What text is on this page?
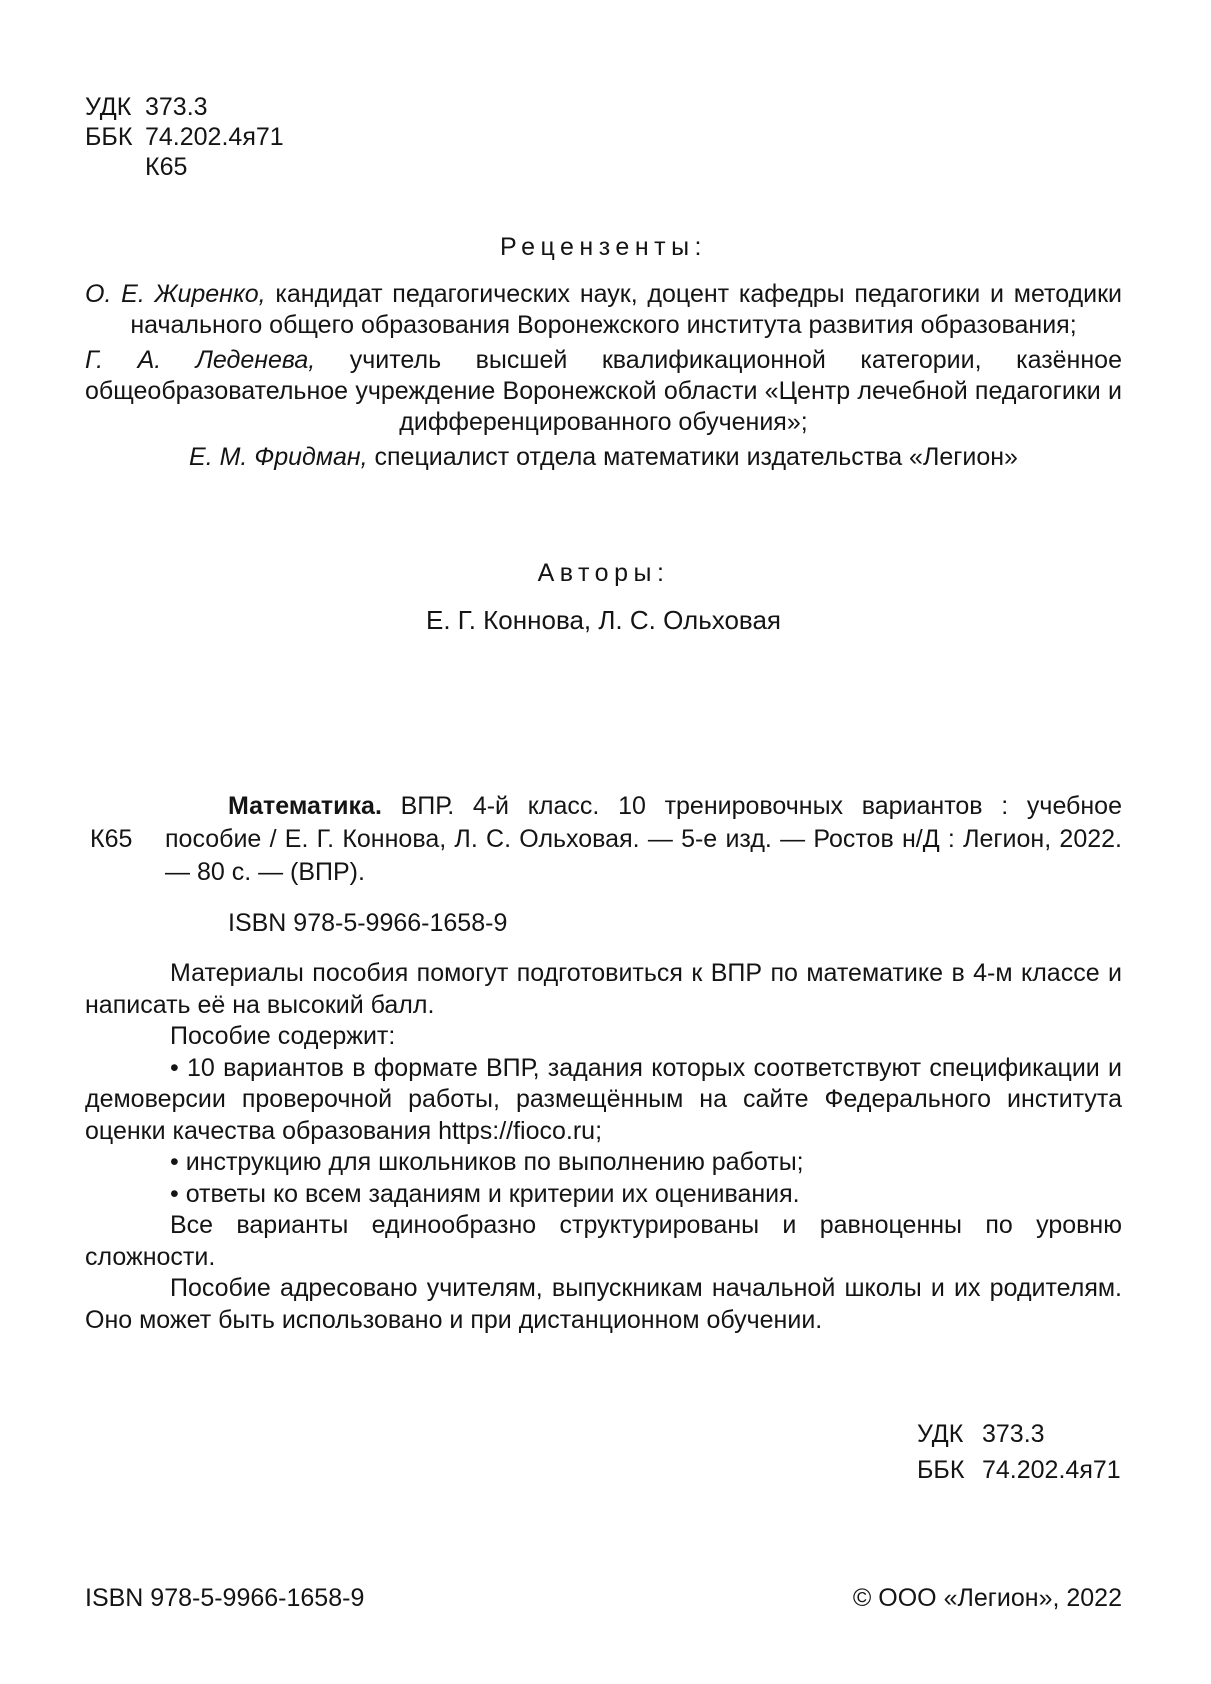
УДК 373.3
ББК 74.202.4я71
К65

Рецензенты:

О. Е. Жиренко, кандидат педагогических наук, доцент кафедры педагогики и методики начального общего образования Воронежского института развития образования;

Г. А. Леденева, учитель высшей квалификационной категории, казённое общеобразовательное учреждение Воронежской области «Центр лечебной педагогики и дифференцированного обучения»;

Е. М. Фридман, специалист отдела математики издательства «Легион»

Авторы:

Е. Г. Коннова, Л. С. Ольховая
К65

Математика. ВПР. 4-й класс. 10 тренировочных вариантов : учебное пособие / Е. Г. Коннова, Л. С. Ольховая. — 5-е изд. — Ростов н/Д : Легион, 2022. — 80 с. — (ВПР).

ISBN 978-5-9966-1658-9

Материалы пособия помогут подготовиться к ВПР по математике в 4-м классе и написать её на высокий балл.

Пособие содержит:

• 10 вариантов в формате ВПР, задания которых соответствуют спецификации и демоверсии проверочной работы, размещённым на сайте Федерального института оценки качества образования https://fioco.ru;

• инструкцию для школьников по выполнению работы;

• ответы ко всем заданиям и критерии их оценивания.

Все варианты единообразно структурированы и равноценны по уровню сложности.

Пособие адресовано учителям, выпускникам начальной школы и их родителям. Оно может быть использовано и при дистанционном обучении.

УДК 373.3
ББК 74.202.4я71
ISBN 978-5-9966-1658-9	© ООО «Легион», 2022
